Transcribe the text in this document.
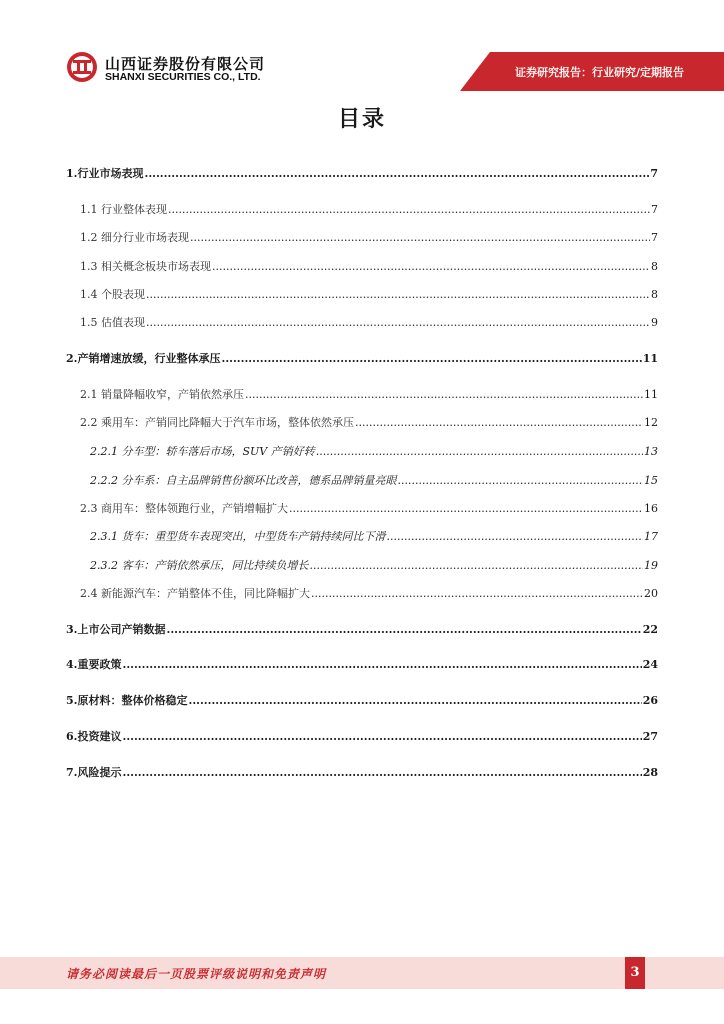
山西证券股份有限公司
SHANXI SECURITIES CO., LTD.	证券研究报告：行业研究/定期报告
目录
1.行业市场表现 .....	7
1.1 行业整体表现 .....	7
1.2 细分行业市场表现 .....	7
1.3 相关概念板块市场表现 .....	8
1.4 个股表现 .....	8
1.5 估值表现 .....	9
2.产销增速放缓，行业整体承压 .....	11
2.1 销量降幅收窄，产销依然承压 .....	11
2.2 乘用车：产销同比降幅大于汽车市场，整体依然承压 .....	12
2.2.1 分车型：轿车落后市场，SUV 产销好转 .....	13
2.2.2 分车系：自主品牌销售份额环比改善，德系品牌销量亮眼 .....	15
2.3 商用车：整体领跑行业，产销增幅扩大 .....	16
2.3.1 货车：重型货车表现突出，中型货车产销持续同比下滑 .....	17
2.3.2 客车：产销依然承压，同比持续负增长 .....	19
2.4 新能源汽车：产销整体不佳，同比降幅扩大 .....	20
3.上市公司产销数据 .....	22
4.重要政策 .....	24
5.原材料：整体价格稳定 .....	26
6.投资建议 .....	27
7.风险提示 .....	28
请务必阅读最后一页股票评级说明和免责声明	3
